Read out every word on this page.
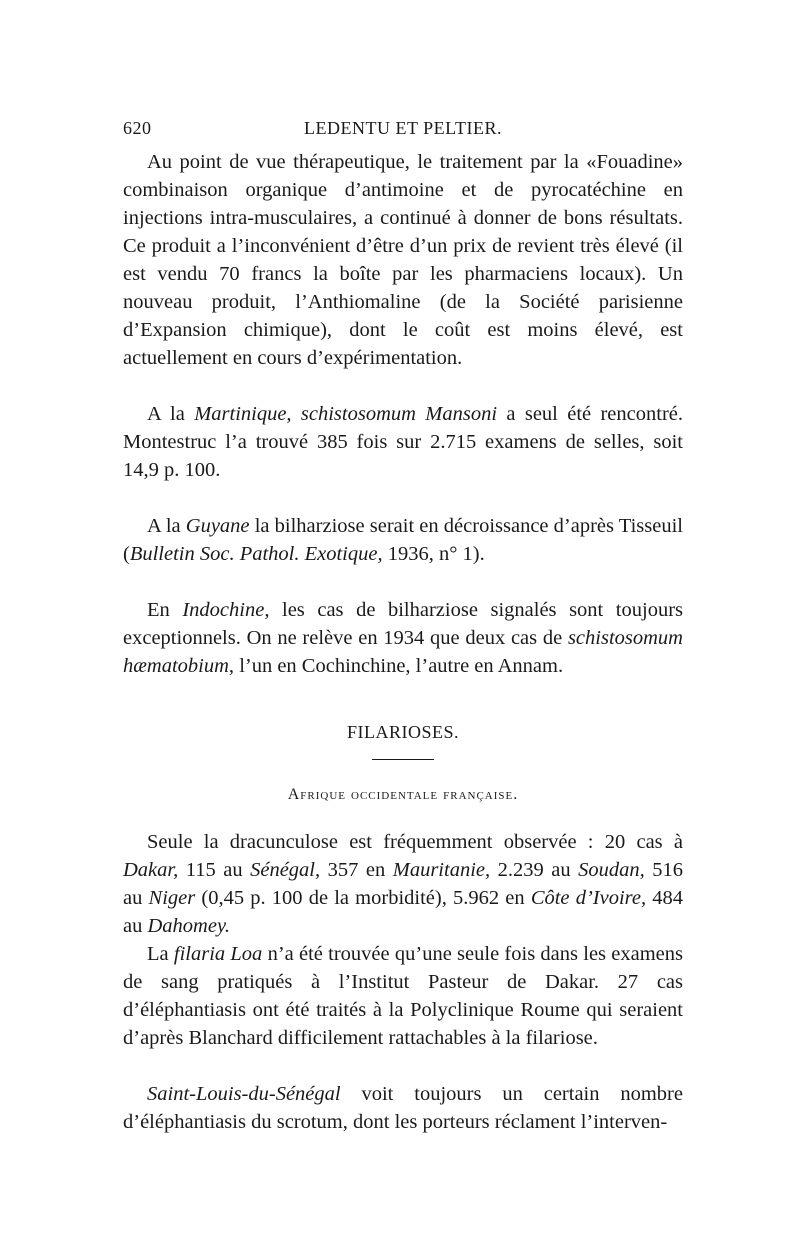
620	LEDENTU ET PELTIER.

Au point de vue thérapeutique, le traitement par la «Fouadine» combinaison organique d’antimoine et de pyrocatéchine en injections intra-musculaires, a continué à donner de bons résultats. Ce produit a l’inconvénient d’être d’un prix de revient très élevé (il est vendu 70 francs la boîte par les pharmaciens locaux). Un nouveau produit, l’Anthiomaline (de la Société parisienne d’Expansion chimique), dont le coût est moins élevé, est actuellement en cours d’expérimentation.

A la Martinique, schistosomum Mansoni a seul été rencontré. Montestruc l’a trouvé 385 fois sur 2.715 examens de selles, soit 14,9 p. 100.

A la Guyane la bilharziose serait en décroissance d’après Tisseuil (Bulletin Soc. Pathol. Exotique, 1936, n° 1).

En Indochine, les cas de bilharziose signalés sont toujours exceptionnels. On ne relève en 1934 que deux cas de schistosomum hæmatobium, l’un en Cochinchine, l’autre en Annam.

FILARIOSES.
Afrique occidentale française.

Seule la dracunculose est fréquemment observée : 20 cas à Dakar, 115 au Sénégal, 357 en Mauritanie, 2.239 au Soudan, 516 au Niger (0,45 p. 100 de la morbidité), 5.962 en Côte d’Ivoire, 484 au Dahomey.

La filaria Loa n’a été trouvée qu’une seule fois dans les examens de sang pratiqués à l’Institut Pasteur de Dakar. 27 cas d’éléphantiasis ont été traités à la Polyclinique Roume qui seraient d’après Blanchard difficilement rattachables à la filariose.

Saint-Louis-du-Sénégal voit toujours un certain nombre d’éléphantiasis du scrotum, dont les porteurs réclament l’interven-
